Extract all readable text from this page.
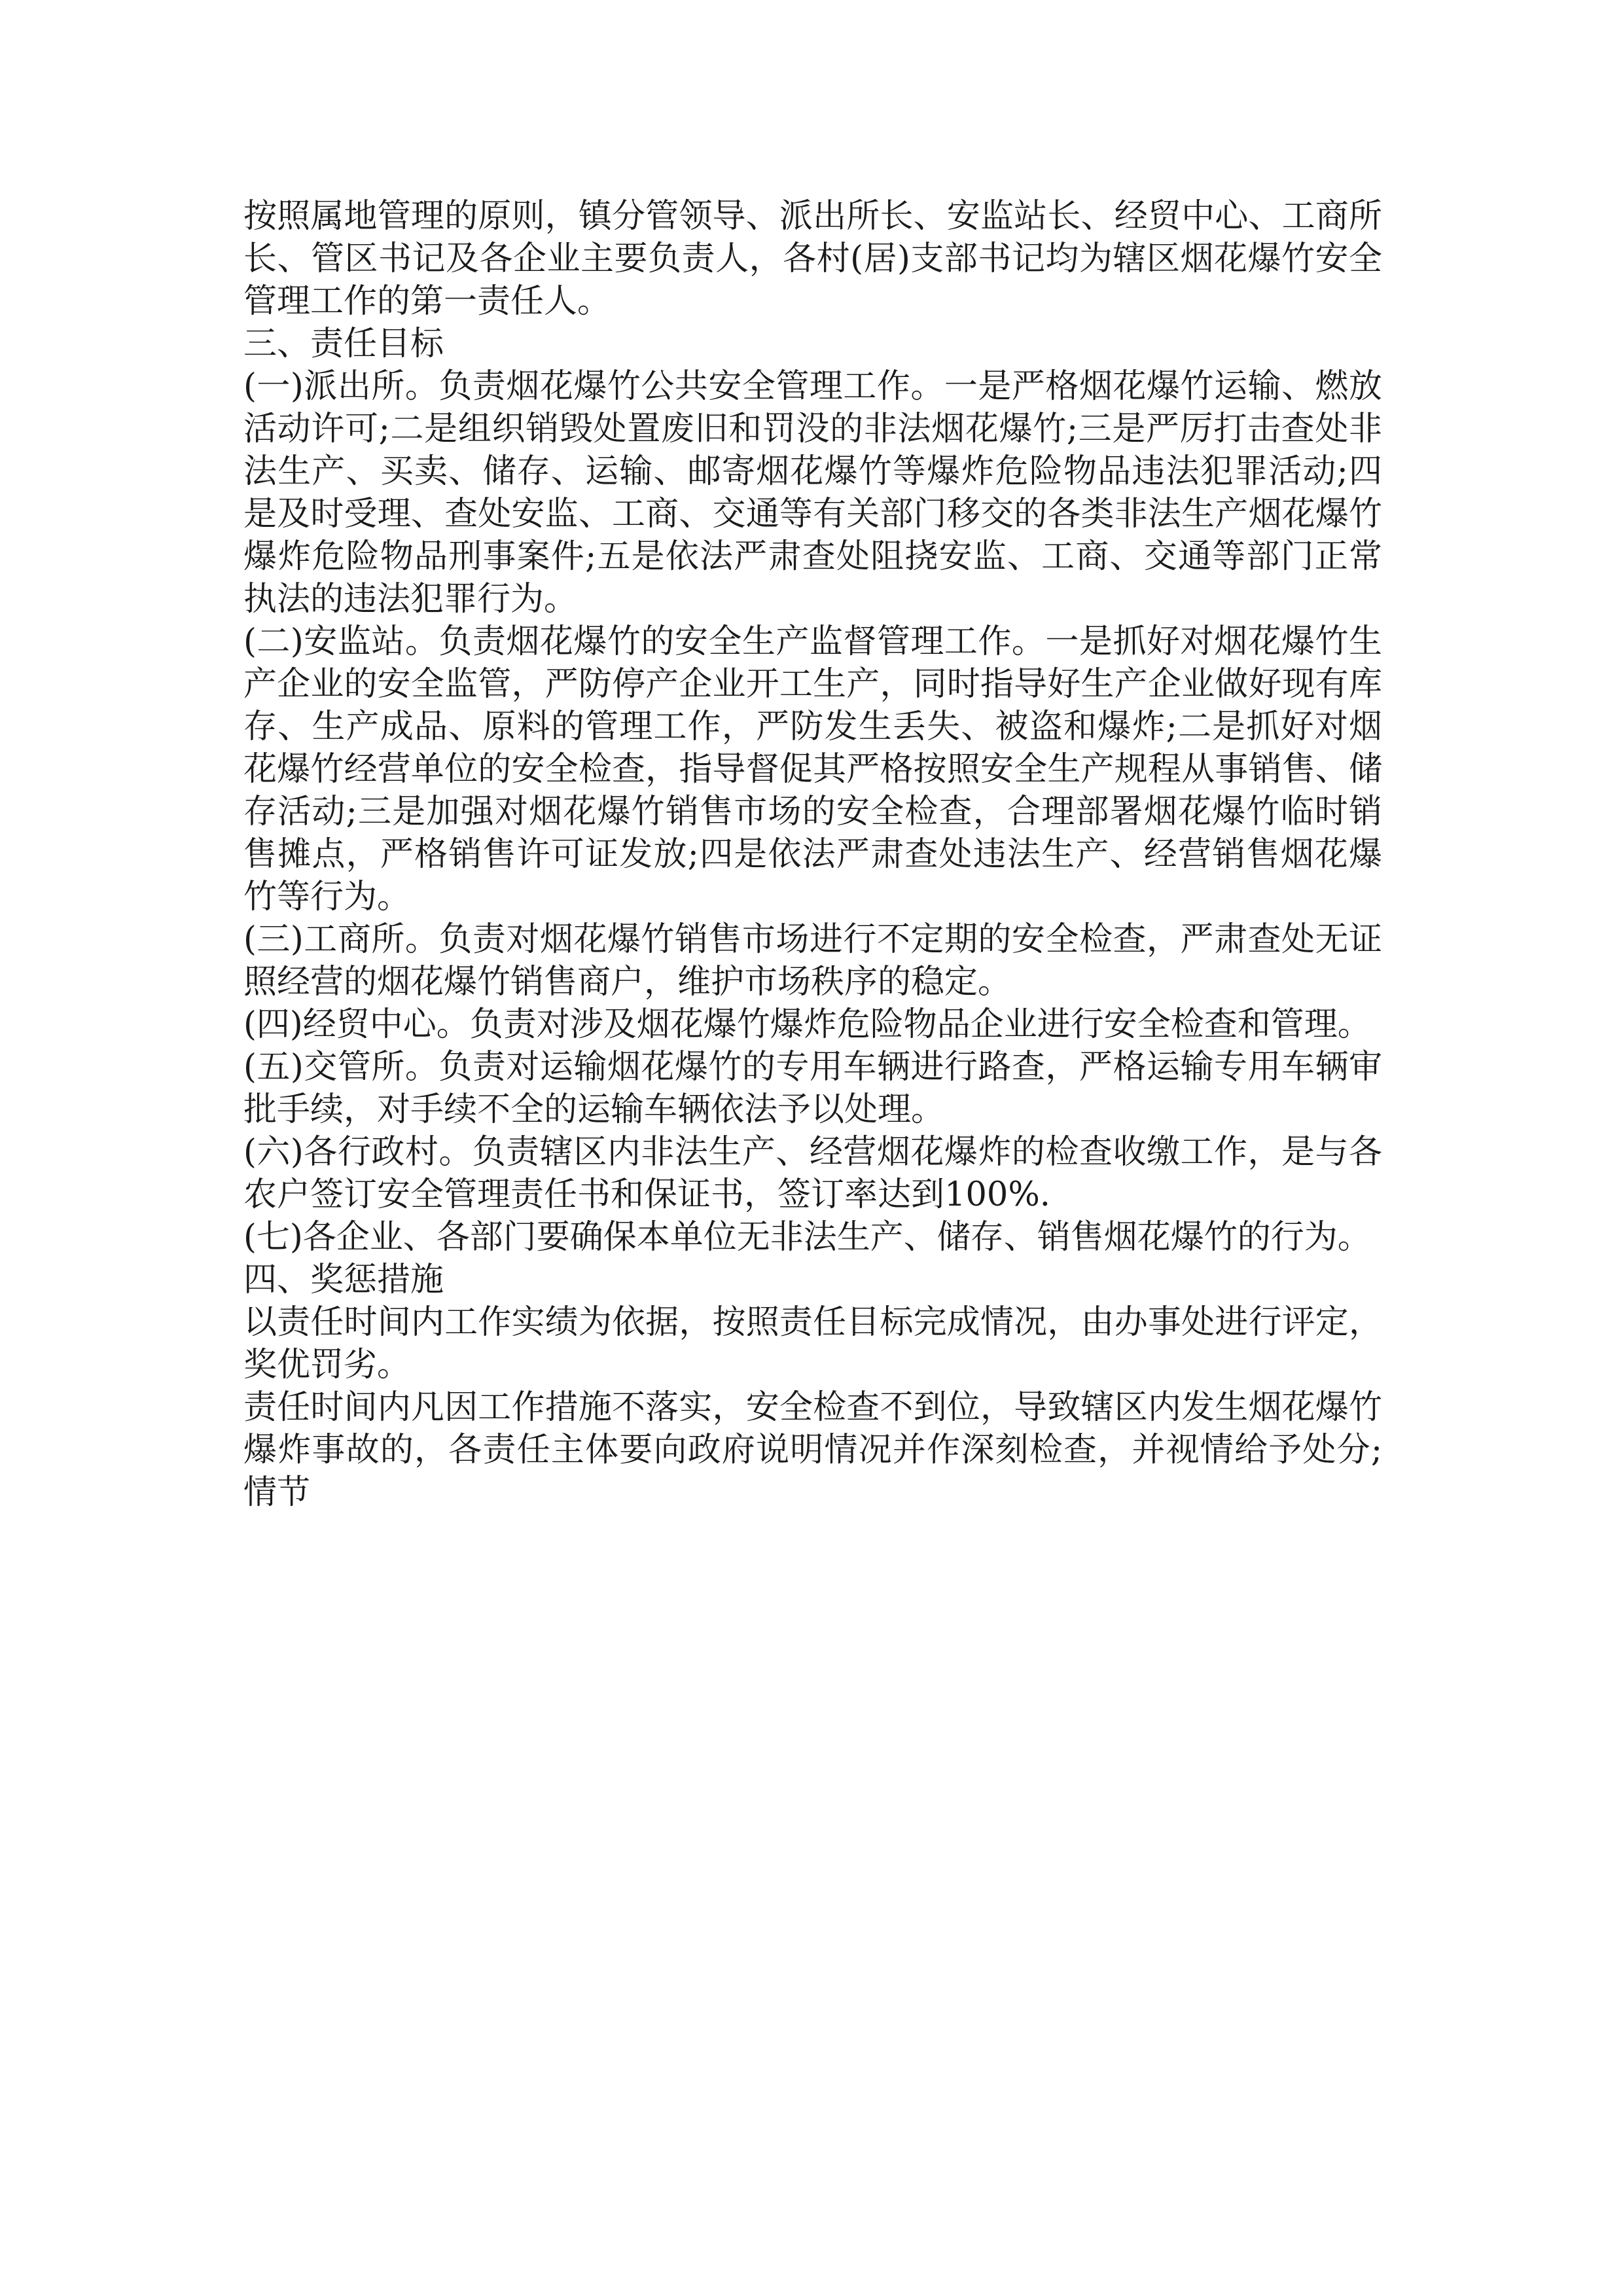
按照属地管理的原则，镇分管领导、派出所长、安监站长、经贸中心、工商所长、管区书记及各企业主要负责人，各村(居)支部书记均为辖区烟花爆竹安全管理工作的第一责任人。

三、责任目标

(一)派出所。负责烟花爆竹公共安全管理工作。一是严格烟花爆竹运输、燃放活动许可;二是组织销毁处置废旧和罚没的非法烟花爆竹;三是严厉打击查处非法生产、买卖、储存、运输、邮寄烟花爆竹等爆炸危险物品违法犯罪活动;四是及时受理、查处安监、工商、交通等有关部门移交的各类非法生产烟花爆竹爆炸危险物品刑事案件;五是依法严肃查处阻挠安监、工商、交通等部门正常执法的违法犯罪行为。

(二)安监站。负责烟花爆竹的安全生产监督管理工作。一是抓好对烟花爆竹生产企业的安全监管，严防停产企业开工生产，同时指导好生产企业做好现有库存、生产成品、原料的管理工作，严防发生丢失、被盗和爆炸;二是抓好对烟花爆竹经营单位的安全检查，指导督促其严格按照安全生产规程从事销售、储存活动;三是加强对烟花爆竹销售市场的安全检查，合理部署烟花爆竹临时销售摊点，严格销售许可证发放;四是依法严肃查处违法生产、经营销售烟花爆竹等行为。

(三)工商所。负责对烟花爆竹销售市场进行不定期的安全检查，严肃查处无证照经营的烟花爆竹销售商户，维护市场秩序的稳定。

(四)经贸中心。负责对涉及烟花爆竹爆炸危险物品企业进行安全检查和管理。

(五)交管所。负责对运输烟花爆竹的专用车辆进行路查，严格运输专用车辆审批手续，对手续不全的运输车辆依法予以处理。

(六)各行政村。负责辖区内非法生产、经营烟花爆炸的检查收缴工作，是与各农户签订安全管理责任书和保证书，签订率达到100%.

(七)各企业、各部门要确保本单位无非法生产、储存、销售烟花爆竹的行为。

四、奖惩措施

以责任时间内工作实绩为依据，按照责任目标完成情况，由办事处进行评定，奖优罚劣。

责任时间内凡因工作措施不落实，安全检查不到位，导致辖区内发生烟花爆竹爆炸事故的，各责任主体要向政府说明情况并作深刻检查，并视情给予处分;情节
